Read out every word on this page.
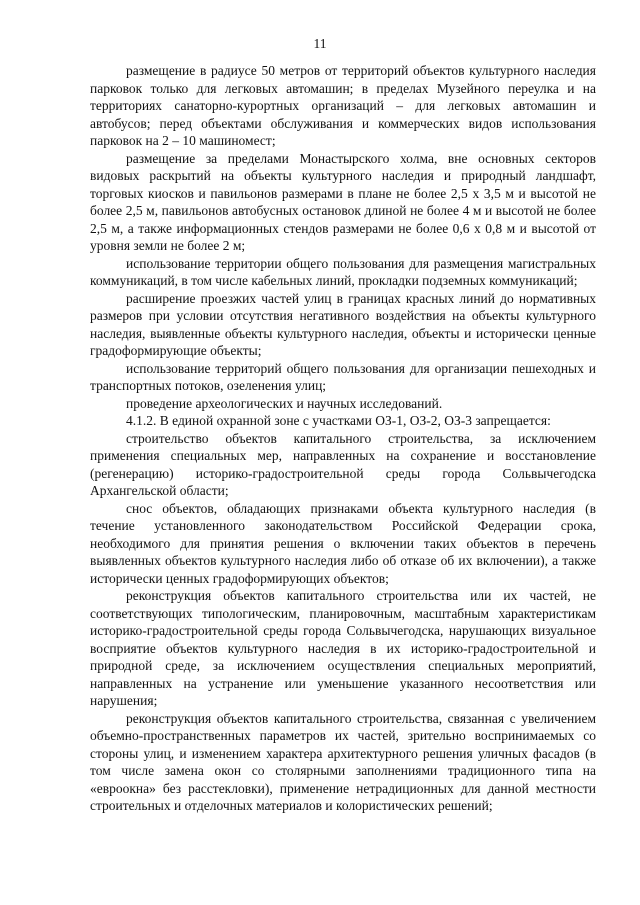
11

размещение в радиусе 50 метров от территорий объектов культурного наследия парковок только для легковых автомашин; в пределах Музейного переулка и на территориях санаторно-курортных организаций – для легковых автомашин и автобусов; перед объектами обслуживания и коммерческих видов использования парковок на 2 – 10 машиномест;

размещение за пределами Монастырского холма, вне основных секторов видовых раскрытий на объекты культурного наследия и природный ландшафт, торговых киосков и павильонов размерами в плане не более 2,5 x 3,5 м и высотой не более 2,5 м, павильонов автобусных остановок длиной не более 4 м и высотой не более 2,5 м, а также информационных стендов размерами не более 0,6 x 0,8 м и высотой от уровня земли не более 2 м;

использование территории общего пользования для размещения магистральных коммуникаций, в том числе кабельных линий, прокладки подземных коммуникаций;

расширение проезжих частей улиц в границах красных линий до нормативных размеров при условии отсутствия негативного воздействия на объекты культурного наследия, выявленные объекты культурного наследия, объекты и исторически ценные градоформирующие объекты;

использование территорий общего пользования для организации пешеходных и транспортных потоков, озеленения улиц;

проведение археологических и научных исследований.

4.1.2. В единой охранной зоне с участками ОЗ-1, ОЗ-2, ОЗ-3 запрещается:

строительство объектов капитального строительства, за исключением применения специальных мер, направленных на сохранение и восстановление (регенерацию) историко-градостроительной среды города Сольвычегодска Архангельской области;

снос объектов, обладающих признаками объекта культурного наследия (в течение установленного законодательством Российской Федерации срока, необходимого для принятия решения о включении таких объектов в перечень выявленных объектов культурного наследия либо об отказе об их включении), а также исторически ценных градоформирующих объектов;

реконструкция объектов капитального строительства или их частей, не соответствующих типологическим, планировочным, масштабным характеристикам историко-градостроительной среды города Сольвычегодска, нарушающих визуальное восприятие объектов культурного наследия в их историко-градостроительной и природной среде, за исключением осуществления специальных мероприятий, направленных на устранение или уменьшение указанного несоответствия или нарушения;

реконструкция объектов капитального строительства, связанная с увеличением объемно-пространственных параметров их частей, зрительно воспринимаемых со стороны улиц, и изменением характера архитектурного решения уличных фасадов (в том числе замена окон со столярными заполнениями традиционного типа на «евроокна» без расстекловки), применение нетрадиционных для данной местности строительных и отделочных материалов и колористических решений;
